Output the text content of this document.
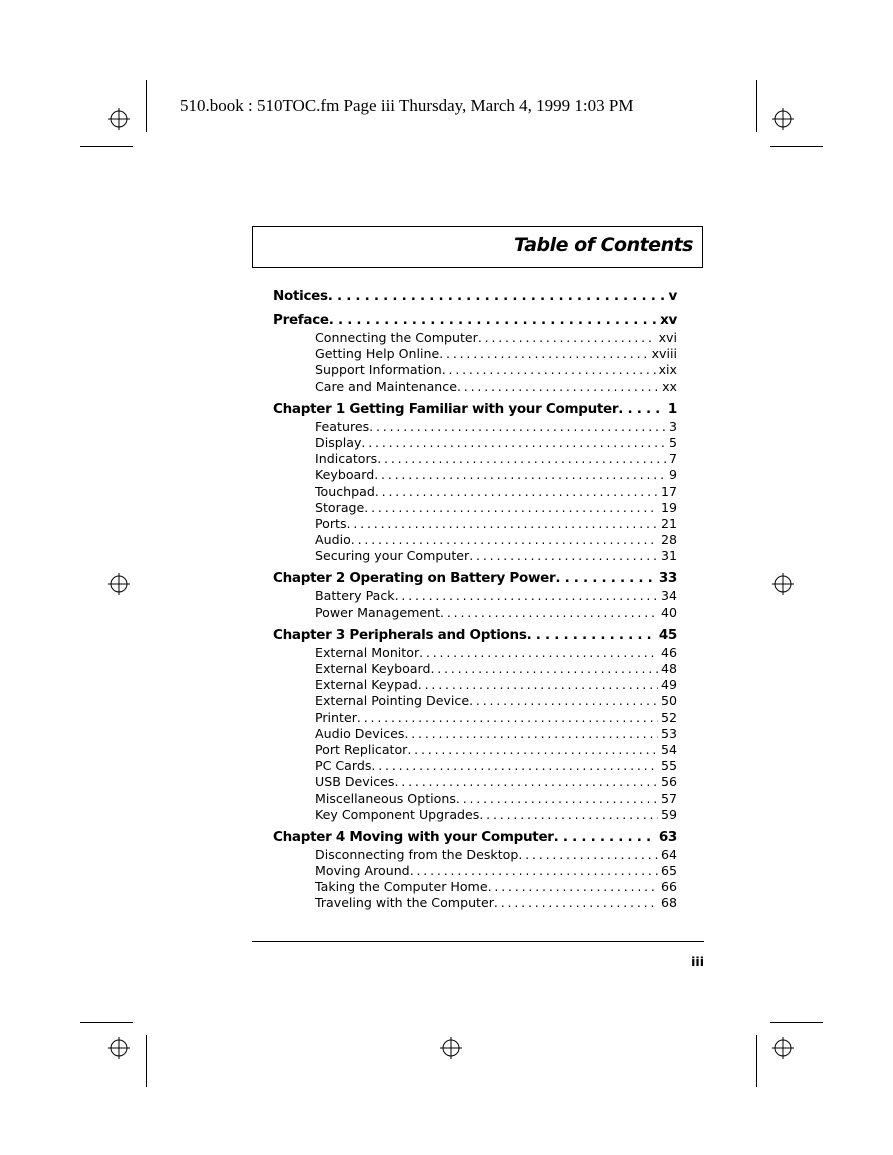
510.book : 510TOC.fm Page iii Thursday, March 4, 1999 1:03 PM
Table of Contents
Notices . . .	v
Preface . . .	xv
Connecting the Computer . . .	xvi
Getting Help Online . . .	xviii
Support Information . . .	xix
Care and Maintenance . . .	xx
Chapter 1 Getting Familiar with your Computer . . .	1
Features . . .	3
Display . . .	5
Indicators . . .	7
Keyboard . . .	9
Touchpad . . .	17
Storage . . .	19
Ports . . .	21
Audio . . .	28
Securing your Computer . . .	31
Chapter 2 Operating on Battery Power . . .	33
Battery Pack . . .	34
Power Management . . .	40
Chapter 3 Peripherals and Options . . .	45
External Monitor . . .	46
External Keyboard . . .	48
External Keypad . . .	49
External Pointing Device . . .	50
Printer . . .	52
Audio Devices . . .	53
Port Replicator . . .	54
PC Cards . . .	55
USB Devices . . .	56
Miscellaneous Options . . .	57
Key Component Upgrades . . .	59
Chapter 4 Moving with your Computer . . .	63
Disconnecting from the Desktop . . .	64
Moving Around . . .	65
Taking the Computer Home . . .	66
Traveling with the Computer . . .	68
iii
